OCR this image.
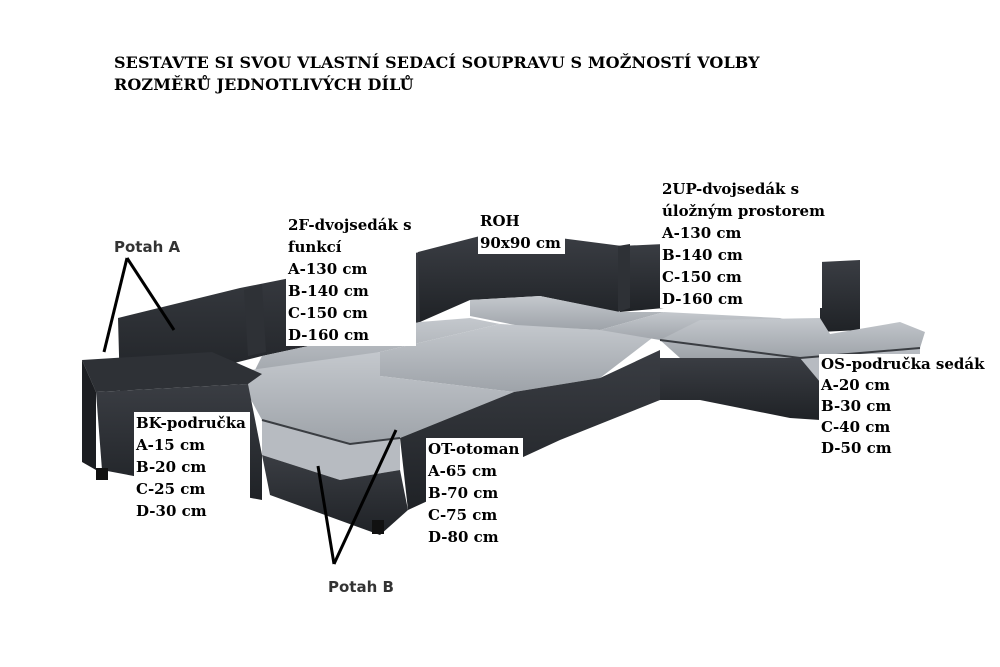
SESTAVTE SI SVOU VLASTNÍ SEDACÍ SOUPRAVU S MOŽNOSTÍ VOLBY
ROZMĚRŮ JEDNOTLIVÝCH DÍLŮ
Potah A
Potah B
2F-dvojsedák s
funkcí
A-130 cm
B-140 cm
C-150 cm
D-160 cm
ROH
90x90 cm
2UP-dvojsedák s
úložným prostorem
A-130 cm
B-140 cm
C-150 cm
D-160 cm
OS-područka sedák
A-20 cm
B-30 cm
C-40 cm
D-50 cm
BK-područka
A-15 cm
B-20 cm
C-25 cm
D-30 cm
OT-otoman
A-65 cm
B-70 cm
C-75 cm
D-80 cm
